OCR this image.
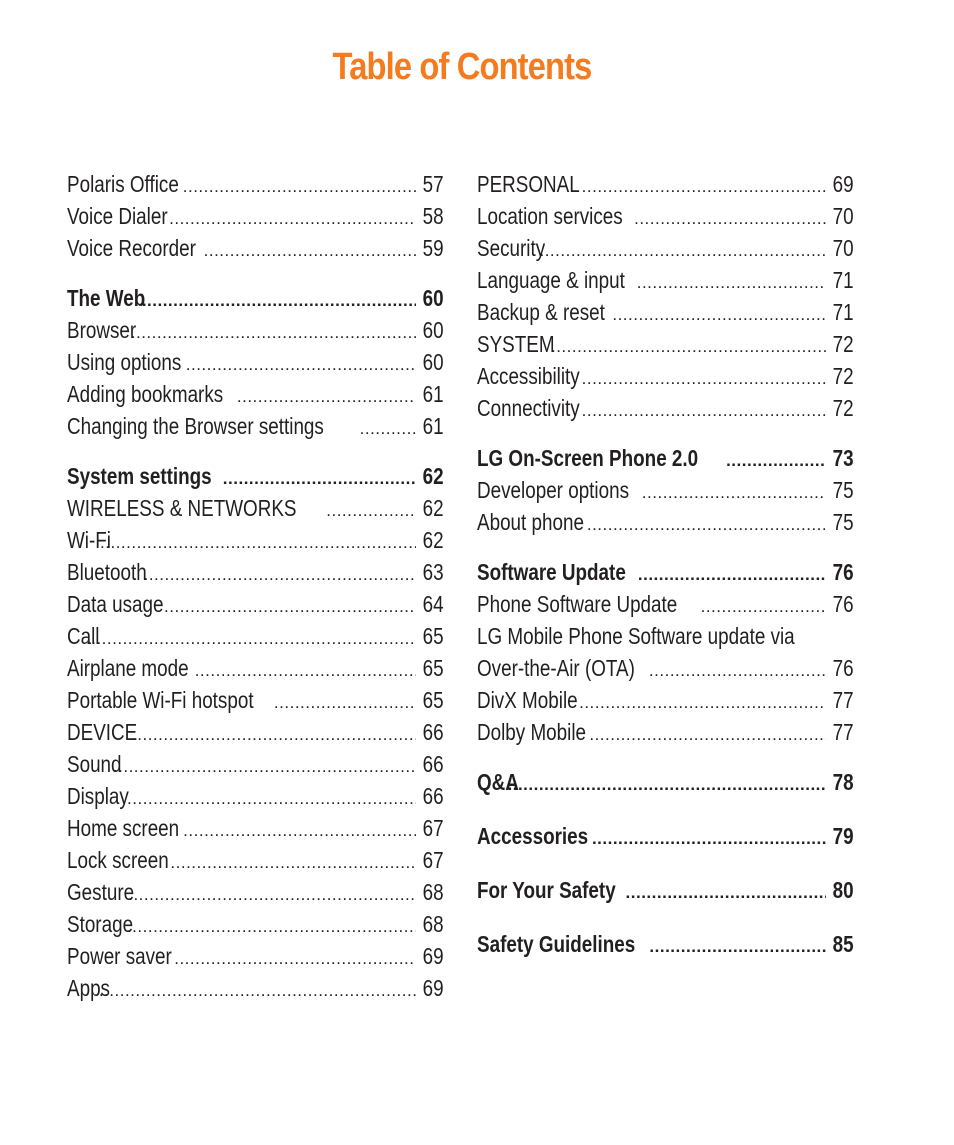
Table of Contents
Polaris Office .....	57
Voice Dialer .....	58
Voice Recorder .....	59
The Web .....	60
Browser .....	60
Using options .....	60
Adding bookmarks .....	61
Changing the Browser settings .....	61
System settings .....	62
WIRELESS & NETWORKS .....	62
Wi-Fi .....	62
Bluetooth .....	63
Data usage .....	64
Call .....	65
Airplane mode .....	65
Portable Wi-Fi hotspot .....	65
DEVICE .....	66
Sound .....	66
Display .....	66
Home screen .....	67
Lock screen .....	67
Gesture .....	68
Storage .....	68
Power saver .....	69
Apps .....	69
PERSONAL .....	69
Location services .....	70
Security .....	70
Language & input .....	71
Backup & reset .....	71
SYSTEM .....	72
Accessibility .....	72
Connectivity .....	72
LG On-Screen Phone 2.0 .....	73
Developer options .....	75
About phone .....	75
Software Update .....	76
Phone Software Update .....	76
LG Mobile Phone Software update via
Over-the-Air (OTA) .....	76
DivX Mobile .....	77
Dolby Mobile .....	77
Q&A .....	78
Accessories .....	79
For Your Safety .....	80
Safety Guidelines .....	85
